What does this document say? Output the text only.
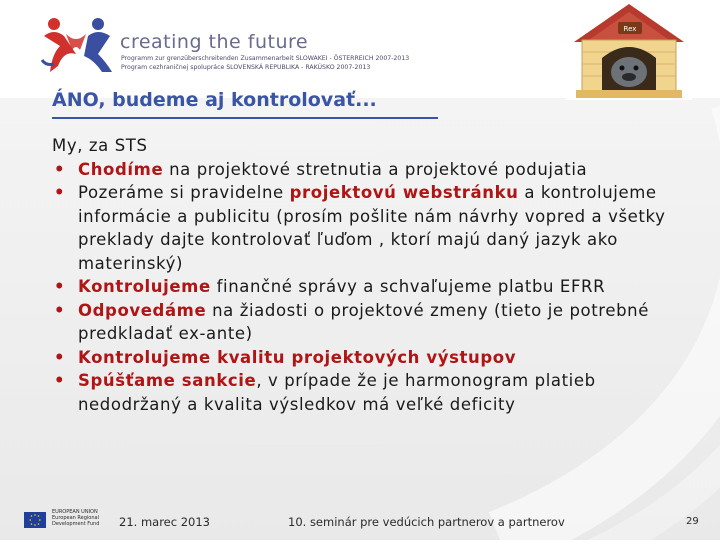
creating the future
Programm zur grenzüberschreitenden Zusammenarbeit SLOWAKEI - ÖSTERREICH 2007-2013
Program cezhraničnej spolupráce SLOVENSKÁ REPUBLIKA - RAKÚSKO 2007-2013
Rex
ÁNO, budeme aj kontrolovať...

My, za STS

• Chodíme na projektové stretnutia a projektové podujatia
• Pozeráme si pravidelne projektovú webstránku a kontrolujeme informácie a publicitu (prosím pošlite nám návrhy vopred a všetky preklady dajte kontrolovať ľuďom , ktorí majú daný jazyk ako materinský)
• Kontrolujeme finančné správy a schvaľujeme platbu EFRR
• Odpovedáme na žiadosti o projektové zmeny (tieto je potrebné predkladať ex-ante)
• Kontrolujeme kvalitu projektových výstupov
• Spúšťame sankcie, v prípade že je harmonogram platieb nedodržaný a kvalita výsledkov má veľké deficity
EUROPEAN UNION
European Regional
Development Fund 21. marec 2013	10. seminár pre vedúcich partnerov a partnerov	29
